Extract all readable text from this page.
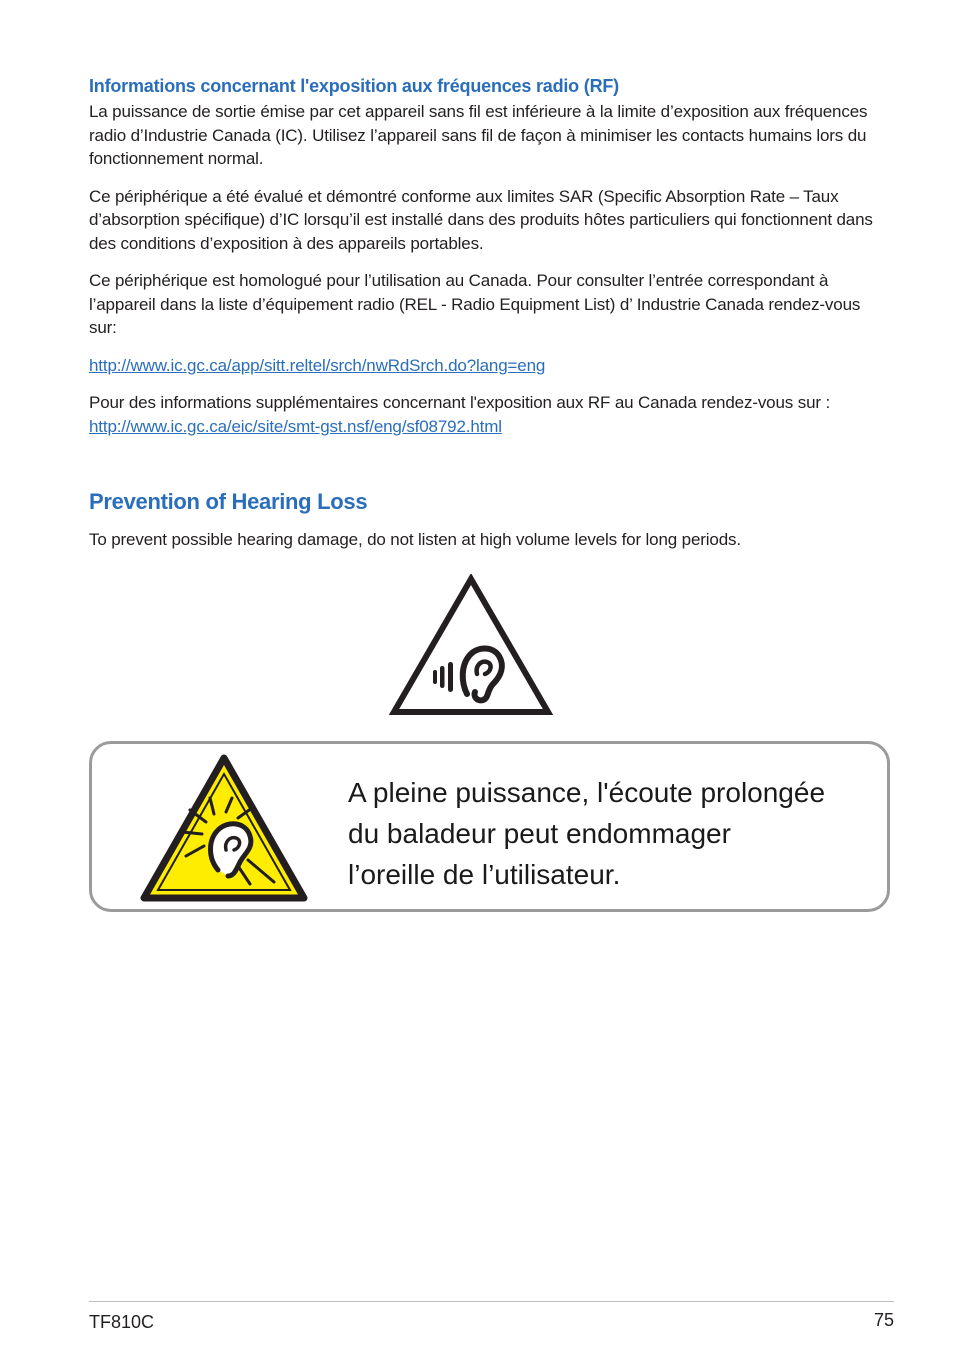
Informations concernant l'exposition aux fréquences radio (RF)

La puissance de sortie émise par cet appareil sans fil est inférieure à la limite d’exposition aux fréquences radio d’Industrie Canada (IC). Utilisez l’appareil sans fil de façon à minimiser les contacts humains lors du fonctionnement normal.

Ce périphérique a été évalué et démontré conforme aux limites SAR (Specific Absorption Rate – Taux d’absorption spécifique) d’IC lorsqu’il est installé dans des produits hôtes particuliers qui fonctionnent dans des conditions d’exposition à des appareils portables.

Ce périphérique est homologué pour l’utilisation au Canada. Pour consulter l’entrée correspondant à l’appareil dans la liste d’équipement radio (REL - Radio Equipment List) d’ Industrie Canada rendez-vous sur:

http://www.ic.gc.ca/app/sitt.reltel/srch/nwRdSrch.do?lang=eng

Pour des informations supplémentaires concernant l'exposition aux RF au Canada rendez-vous sur : http://www.ic.gc.ca/eic/site/smt-gst.nsf/eng/sf08792.html

Prevention of Hearing Loss

To prevent possible hearing damage, do not listen at high volume levels for long periods.

A pleine puissance, l'écoute prolongée
du baladeur peut endommager
l’oreille de l’utilisateur.
TF810C	75
